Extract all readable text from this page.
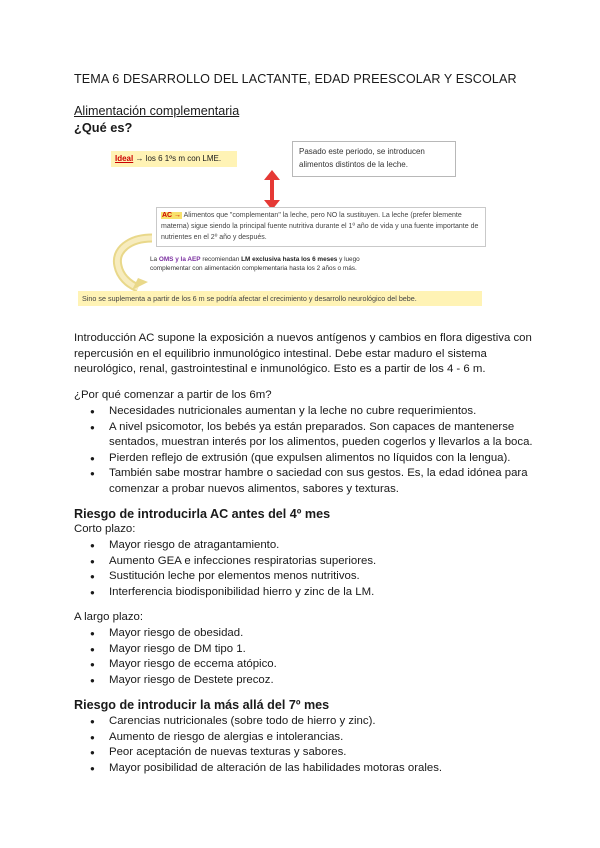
TEMA 6 DESARROLLO DEL LACTANTE, EDAD PREESCOLAR Y ESCOLAR
Alimentación complementaria
¿Qué es?
Ideal → los 6 1ºs m con LME.
Pasado este periodo, se introducen alimentos distintos de la leche.
AC → Alimentos que "complementan" la leche, pero NO la sustituyen. La leche (prefer blemente materna) sigue siendo la principal fuente nutritiva durante el 1º año de vida y una fuente importante de nutrientes en el 2º año y después.
La OMS y la AEP recomiendan LM exclusiva hasta los 6 meses y luego complementar con alimentación complementaria hasta los 2 años o más.
Sino se suplementa a partir de los 6 m se podría afectar el crecimiento y desarrollo neurológico del bebe.
Introducción AC supone la exposición a nuevos antígenos y cambios en flora digestiva con repercusión en el equilibrio inmunológico intestinal. Debe estar maduro el sistema neurológico, renal, gastrointestinal e inmunológico. Esto es a partir de los 4 - 6 m.
¿Por qué comenzar a partir de los 6m?
● Necesidades nutricionales aumentan y la leche no cubre requerimientos.
● A nivel psicomotor, los bebés ya están preparados. Son capaces de mantenerse sentados, muestran interés por los alimentos, pueden cogerlos y llevarlos a la boca.
● Pierden reflejo de extrusión (que expulsen alimentos no líquidos con la lengua).
● También sabe mostrar hambre o saciedad con sus gestos. Es, la edad idónea para comenzar a probar nuevos alimentos, sabores y texturas.
Riesgo de introducirla AC antes del 4º mes
Corto plazo:
● Mayor riesgo de atragantamiento.
● Aumento GEA e infecciones respiratorias superiores.
● Sustitución leche por elementos menos nutritivos.
● Interferencia biodisponibilidad hierro y zinc de la LM.
A largo plazo:
● Mayor riesgo de obesidad.
● Mayor riesgo de DM tipo 1.
● Mayor riesgo de eccema atópico.
● Mayor riesgo de Destete precoz.
Riesgo de introducir la más allá del 7º mes
● Carencias nutricionales (sobre todo de hierro y zinc).
● Aumento de riesgo de alergias e intolerancias.
● Peor aceptación de nuevas texturas y sabores.
● Mayor posibilidad de alteración de las habilidades motoras orales.
